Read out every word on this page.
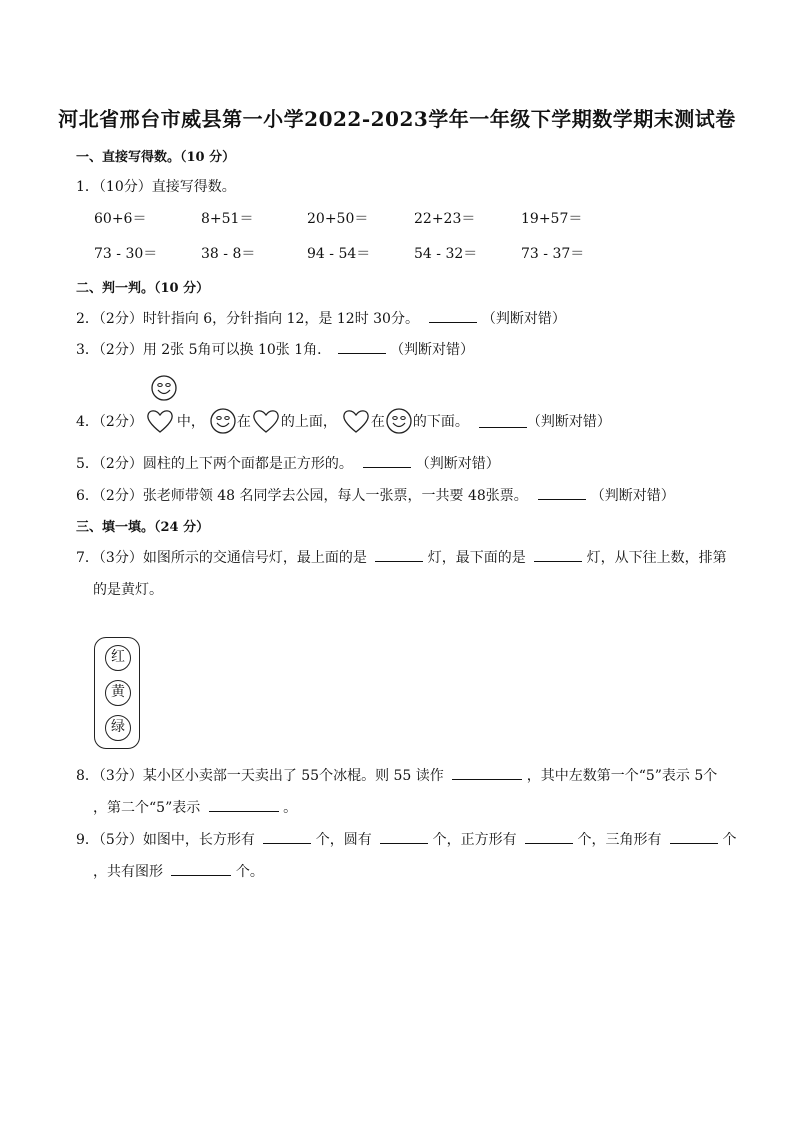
河北省邢台市威县第一小学2022-2023学年一年级下学期数学期末测试卷
一、直接写得数。（10 分）
1．（10分）直接写得数。
60+6＝	8+51＝	20+50＝	22+23＝	19+57＝
73 - 30＝	38 - 8＝	94 - 54＝	54 - 32＝	73 - 37＝
二、判一判。（10 分）
2．（2分）时针指向 6，分针指向 12，是 12时 30分。	（判断对错）
3．（2分）用 2张 5角可以换 10张 1角．	（判断对错）
4．（2分） 中， 在 的上面， 在 的下面。	（判断对错）
5．（2分）圆柱的上下两个面都是正方形的。	（判断对错）
6．（2分）张老师带领 48 名同学去公园，每人一张票，一共要 48张票。	（判断对错）
三、填一填。（24 分）
7．（3分）如图所示的交通信号灯，最上面的是	灯，最下面的是	灯，从下往上数，排第
的是黄灯。
红
黄
绿
8．（3分）某小区小卖部一天卖出了 55个冰棍。则 55 读作	，其中左数第一个“5”表示 5个
，第二个“5”表示	。
9．（5分）如图中，长方形有	个，圆有	个，正方形有	个，三角形有	个
，共有图形	个。
